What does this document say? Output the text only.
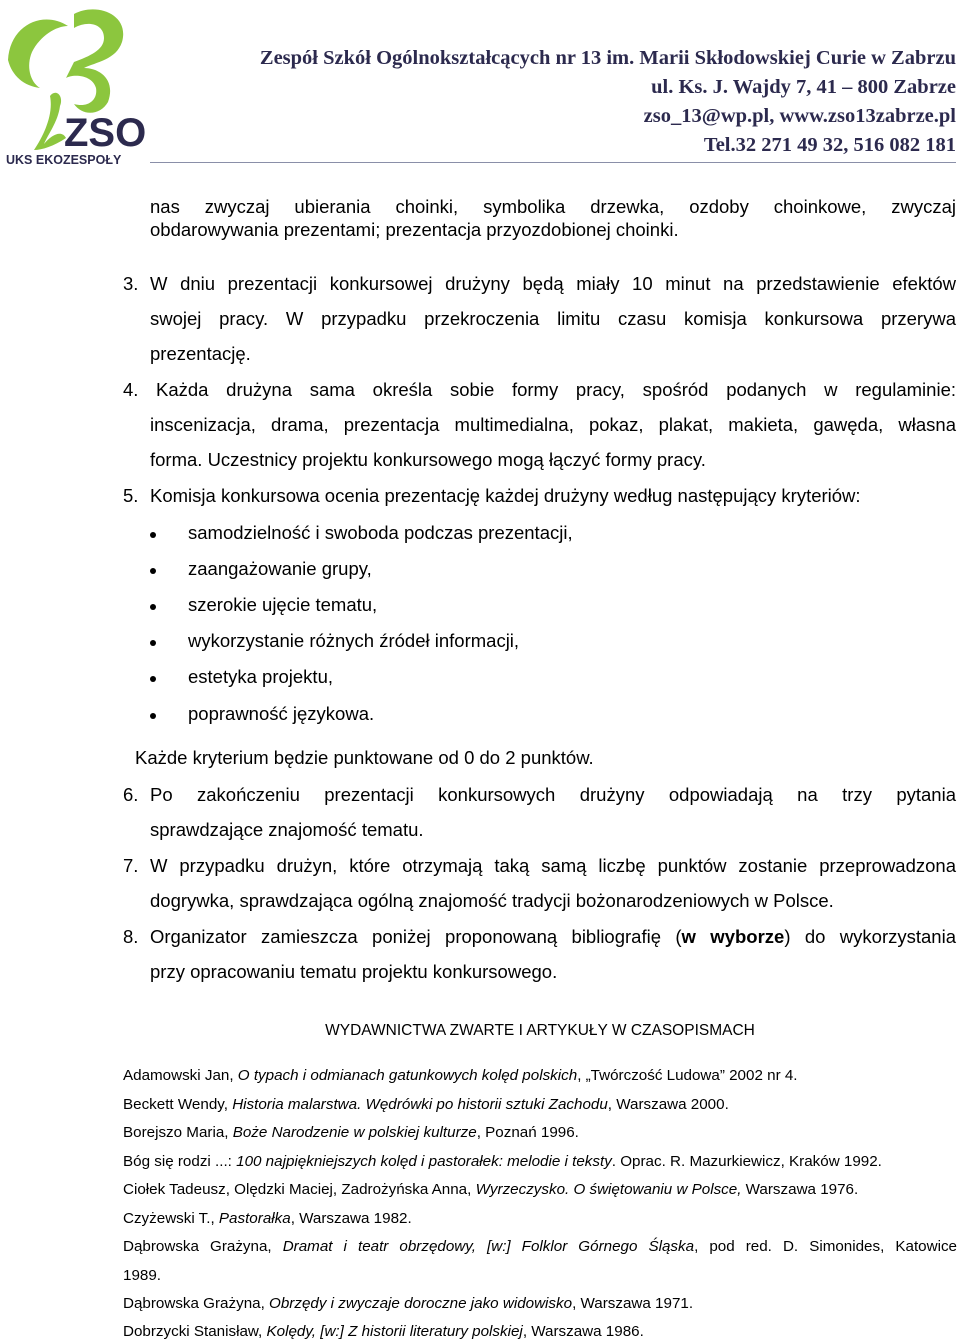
ZSO
UKS EKOZESPOŁY
Zespół Szkół Ogólnokształcących nr 13 im. Marii Skłodowskiej Curie w Zabrzu
ul. Ks. J. Wajdy 7, 41 – 800 Zabrze
zso_13@wp.pl, www.zso13zabrze.pl
Tel.32 271 49 32, 516 082 181
nas zwyczaj ubierania choinki, symbolika drzewka, ozdoby choinkowe, zwyczaj
obdarowywania prezentami; prezentacja przyozdobionej choinki.
3. W dniu prezentacji konkursowej drużyny będą miały 10 minut na przedstawienie efektów
swojej pracy. W przypadku przekroczenia limitu czasu komisja konkursowa przerywa
prezentację.
4. Każda drużyna sama określa sobie formy pracy, spośród podanych w regulaminie:
inscenizacja, drama, prezentacja multimedialna, pokaz, plakat, makieta, gawęda, własna
forma. Uczestnicy projektu konkursowego mogą łączyć formy pracy.
5. Komisja konkursowa ocenia prezentację każdej drużyny według następujący kryteriów:
samodzielność i swoboda podczas prezentacji,
zaangażowanie grupy,
szerokie ujęcie tematu,
wykorzystanie różnych źródeł informacji,
estetyka projektu,
poprawność językowa.
Każde kryterium będzie punktowane od 0 do 2 punktów.
6. Po zakończeniu prezentacji konkursowych drużyny odpowiadają na trzy pytania
sprawdzające znajomość tematu.
7. W przypadku drużyn, które otrzymają taką samą liczbę punktów zostanie przeprowadzona
dogrywka, sprawdzająca ogólną znajomość tradycji bożonarodzeniowych w Polsce.
8. Organizator zamieszcza poniżej proponowaną bibliografię (w wyborze) do wykorzystania
przy opracowaniu tematu projektu konkursowego.
WYDAWNICTWA ZWARTE I ARTYKUŁY W CZASOPISMACH
Adamowski Jan, O typach i odmianach gatunkowych kolęd polskich, „Twórczość Ludowa” 2002 nr 4.
Beckett Wendy, Historia malarstwa. Wędrówki po historii sztuki Zachodu, Warszawa 2000.
Borejszo Maria, Boże Narodzenie w polskiej kulturze, Poznań 1996.
Bóg się rodzi ...: 100 najpiękniejszych kolęd i pastorałek: melodie i teksty. Oprac. R. Mazurkiewicz, Kraków 1992.
Ciołek Tadeusz, Olędzki Maciej, Zadrożyńska Anna, Wyrzeczysko. O świętowaniu w Polsce, Warszawa 1976.
Czyżewski T., Pastorałka, Warszawa 1982.
Dąbrowska Grażyna, Dramat i teatr obrzędowy, [w:] Folklor Górnego Śląska, pod red. D. Simonides, Katowice
1989.
Dąbrowska Grażyna, Obrzędy i zwyczaje doroczne jako widowisko, Warszawa 1971.
Dobrzycki Stanisław, Kolędy, [w:] Z historii literatury polskiej, Warszawa 1986.
